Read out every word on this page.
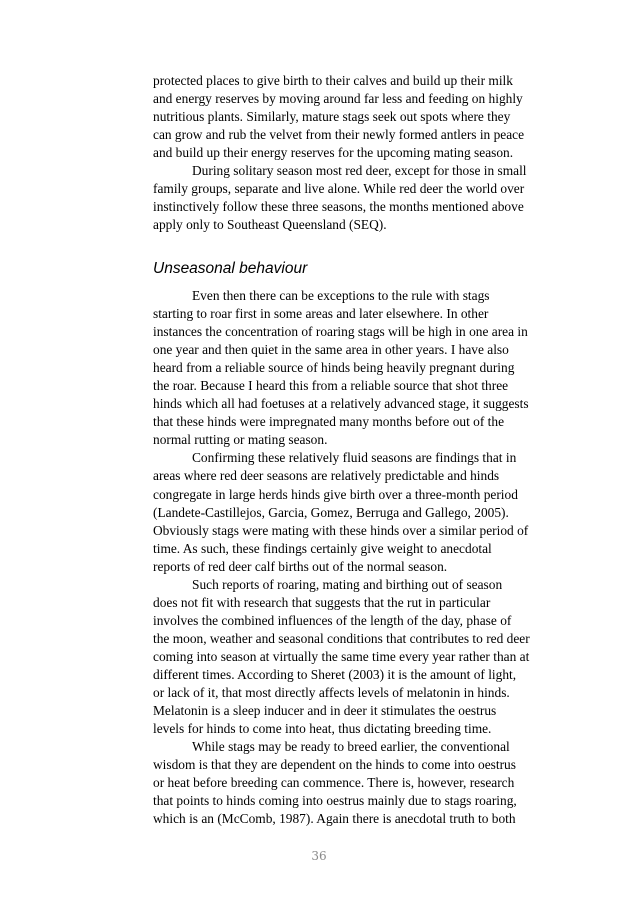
protected places to give birth to their calves and build up their milk
and energy reserves by moving around far less and feeding on highly
nutritious plants. Similarly, mature stags seek out spots where they
can grow and rub the velvet from their newly formed antlers in peace
and build up their energy reserves for the upcoming mating season.
During solitary season most red deer, except for those in small
family groups, separate and live alone. While red deer the world over
instinctively follow these three seasons, the months mentioned above
apply only to Southeast Queensland (SEQ).
Unseasonal behaviour
Even then there can be exceptions to the rule with stags
starting to roar first in some areas and later elsewhere. In other
instances the concentration of roaring stags will be high in one area in
one year and then quiet in the same area in other years. I have also
heard from a reliable source of hinds being heavily pregnant during
the roar. Because I heard this from a reliable source that shot three
hinds which all had foetuses at a relatively advanced stage, it suggests
that these hinds were impregnated many months before out of the
normal rutting or mating season.
Confirming these relatively fluid seasons are findings that in
areas where red deer seasons are relatively predictable and hinds
congregate in large herds hinds give birth over a three-month period
(Landete-Castillejos, Garcia, Gomez, Berruga and Gallego, 2005).
Obviously stags were mating with these hinds over a similar period of
time. As such, these findings certainly give weight to anecdotal
reports of red deer calf births out of the normal season.
Such reports of roaring, mating and birthing out of season
does not fit with research that suggests that the rut in particular
involves the combined influences of the length of the day, phase of
the moon, weather and seasonal conditions that contributes to red deer
coming into season at virtually the same time every year rather than at
different times. According to Sheret (2003) it is the amount of light,
or lack of it, that most directly affects levels of melatonin in hinds.
Melatonin is a sleep inducer and in deer it stimulates the oestrus
levels for hinds to come into heat, thus dictating breeding time.
While stags may be ready to breed earlier, the conventional
wisdom is that they are dependent on the hinds to come into oestrus
or heat before breeding can commence. There is, however, research
that points to hinds coming into oestrus mainly due to stags roaring,
which is an (McComb, 1987). Again there is anecdotal truth to both
36
